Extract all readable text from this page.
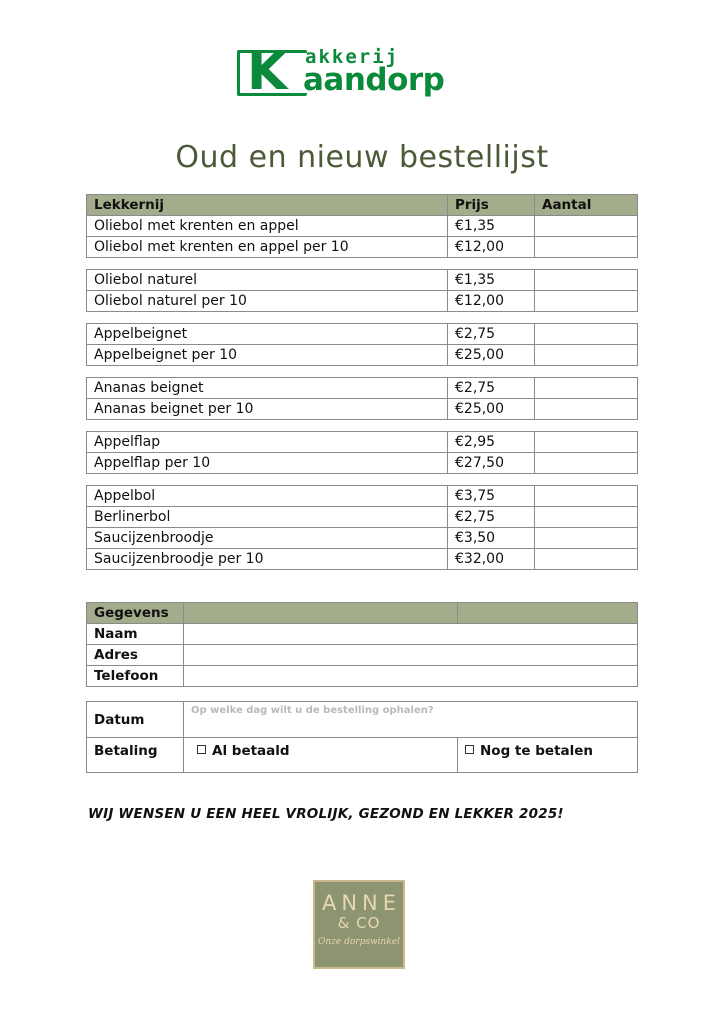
K akkerij
aandorp
Oud en nieuw bestellijst
Lekkernij	Prijs	Aantal
Oliebol met krenten en appel	€1,35	
Oliebol met krenten en appel per 10	€12,00	
Oliebol naturel	€1,35	
Oliebol naturel per 10	€12,00	
Appelbeignet	€2,75	
Appelbeignet per 10	€25,00	
Ananas beignet	€2,75	
Ananas beignet per 10	€25,00	
Appelflap	€2,95	
Appelflap per 10	€27,50	
Appelbol	€3,75	
Berlinerbol	€2,75	
Saucijzenbroodje	€3,50	
Saucijzenbroodje per 10	€32,00	
Gegevens		
Naam		
Adres		
Telefoon		
Datum	Op welke dag wilt u de bestelling ophalen?	
Betaling	Al betaald	Nog te betalen
WIJ WENSEN U EEN HEEL VROLIJK, GEZOND EN LEKKER 2025!
ANNE
& CO
Onze dorpswinkel
